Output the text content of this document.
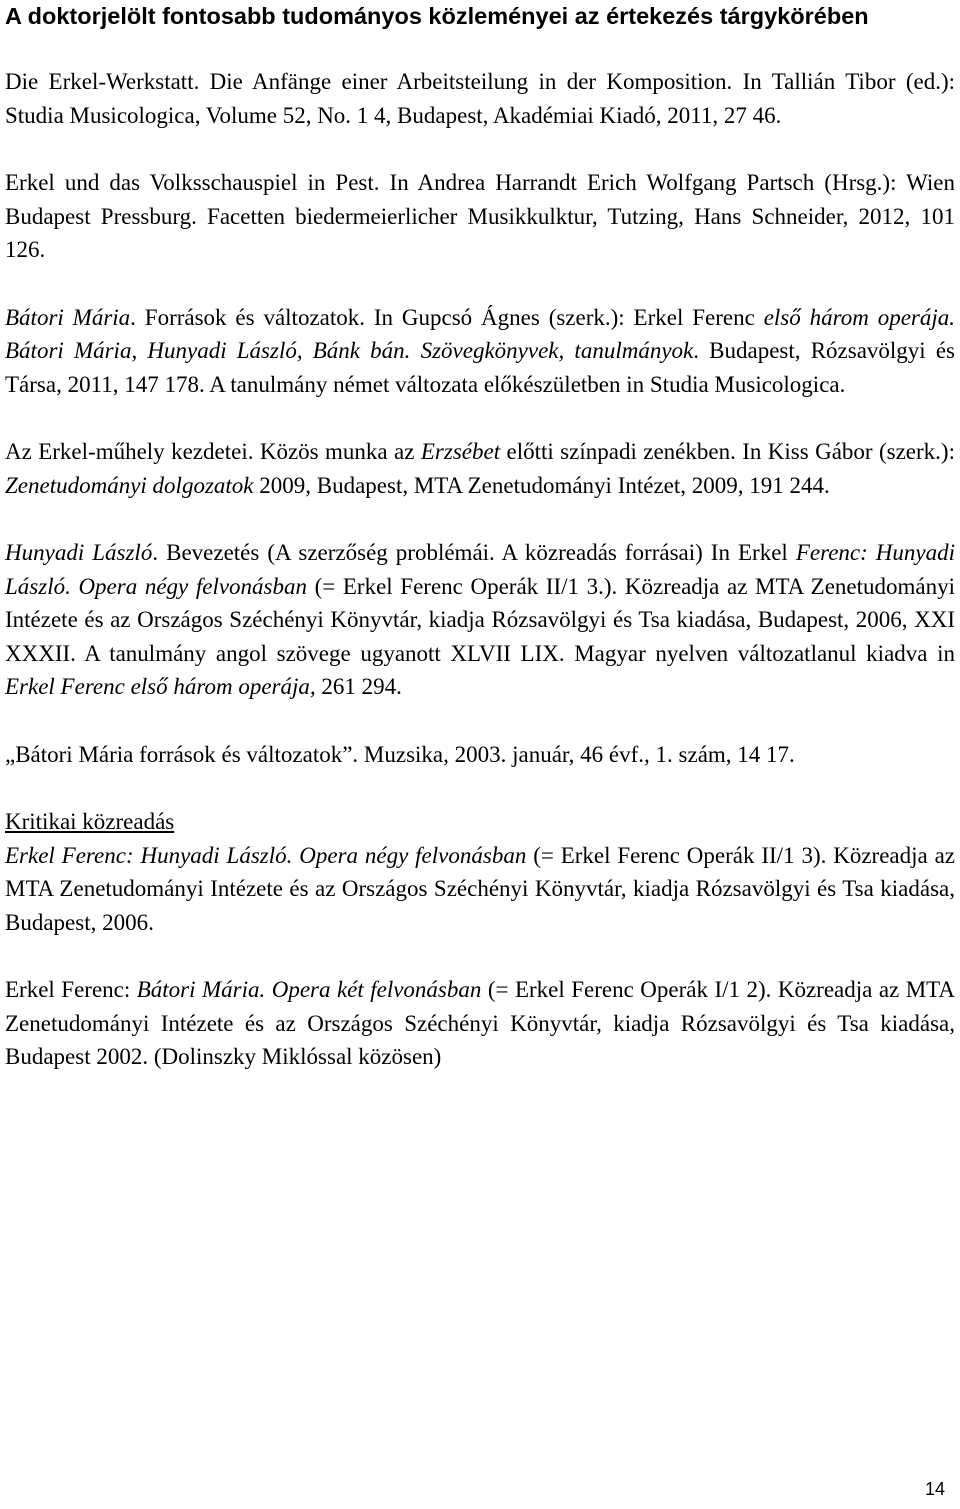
A doktorjelölt fontosabb tudományos közleményei az értekezés tárgykörében

Die Erkel-Werkstatt. Die Anfänge einer Arbeitsteilung in der Komposition. In Tallián Tibor (ed.): Studia Musicologica, Volume 52, No. 1 4, Budapest, Akadémiai Kiadó, 2011, 27 46.

Erkel und das Volksschauspiel in Pest. In Andrea Harrandt Erich Wolfgang Partsch (Hrsg.): Wien Budapest Pressburg. Facetten biedermeierlicher Musikkulktur, Tutzing, Hans Schneider, 2012, 101 126.

Bátori Mária. Források és változatok. In Gupcsó Ágnes (szerk.): Erkel Ferenc első három operája. Bátori Mária, Hunyadi László, Bánk bán. Szövegkönyvek, tanulmányok. Budapest, Rózsavölgyi és Társa, 2011, 147 178. A tanulmány német változata előkészületben in Studia Musicologica.

Az Erkel-műhely kezdetei. Közös munka az Erzsébet előtti színpadi zenékben. In Kiss Gábor (szerk.): Zenetudományi dolgozatok 2009, Budapest, MTA Zenetudományi Intézet, 2009, 191 244.

Hunyadi László. Bevezetés (A szerzőség problémái. A közreadás forrásai) In Erkel Ferenc: Hunyadi László. Opera négy felvonásban (= Erkel Ferenc Operák II/1 3.). Közreadja az MTA Zenetudományi Intézete és az Országos Széchényi Könyvtár, kiadja Rózsavölgyi és Tsa kiadása, Budapest, 2006, XXI XXXII. A tanulmány angol szövege ugyanott XLVII LIX. Magyar nyelven változatlanul kiadva in Erkel Ferenc első három operája, 261 294.

„Bátori Mária források és változatok”. Muzsika, 2003. január, 46 évf., 1. szám, 14 17.

Kritikai közreadás

Erkel Ferenc: Hunyadi László. Opera négy felvonásban (= Erkel Ferenc Operák II/1 3). Közreadja az MTA Zenetudományi Intézete és az Országos Széchényi Könyvtár, kiadja Rózsavölgyi és Tsa kiadása, Budapest, 2006.

Erkel Ferenc: Bátori Mária. Opera két felvonásban (= Erkel Ferenc Operák I/1 2). Közreadja az MTA Zenetudományi Intézete és az Országos Széchényi Könyvtár, kiadja Rózsavölgyi és Tsa kiadása, Budapest 2002. (Dolinszky Miklóssal közösen)

14
